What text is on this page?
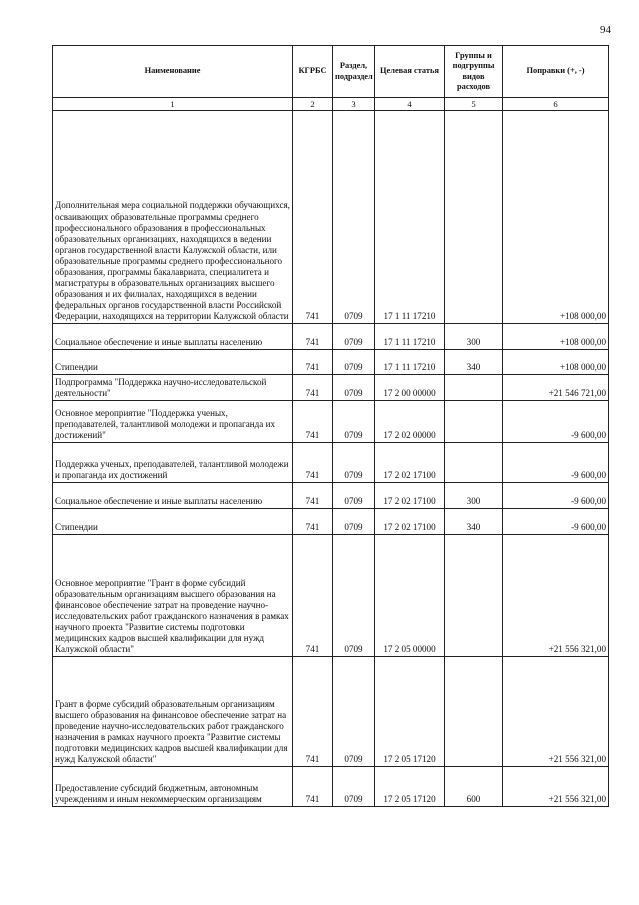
94
Наименование	КГРБС	Раздел, подраздел	Целевая статья	Группы и подгруппы видов расходов	Поправки (+, -)
1	2	3	4	5	6
Дополнительная мера социальной поддержки обучающихся, осваивающих образовательные программы среднего профессионального образования в профессиональных образовательных организациях, находящихся в ведении органов государственной власти Калужской области, или образовательные программы среднего профессионального образования, программы бакалавриата, специалитета и магистратуры в образовательных организациях высшего образования и их филиалах, находящихся в ведении федеральных органов государственной власти Российской Федерации, находящихся на территории Калужской области	741	0709	17 1 11 17210		+108 000,00
Социальное обеспечение и иные выплаты населению	741	0709	17 1 11 17210	300	+108 000,00
Стипендии	741	0709	17 1 11 17210	340	+108 000,00
Подпрограмма "Поддержка научно-исследовательской деятельности"	741	0709	17 2 00 00000		+21 546 721,00
Основное мероприятие "Поддержка ученых, преподавателей, талантливой молодежи и пропаганда их достижений"	741	0709	17 2 02 00000		-9 600,00
Поддержка ученых, преподавателей, талантливой молодежи и пропаганда их достижений	741	0709	17 2 02 17100		-9 600,00
Социальное обеспечение и иные выплаты населению	741	0709	17 2 02 17100	300	-9 600,00
Стипендии	741	0709	17 2 02 17100	340	-9 600,00
Основное мероприятие "Грант в форме субсидий образовательным организациям высшего образования на финансовое обеспечение затрат на проведение научно-исследовательских работ гражданского назначения в рамках научного проекта "Развитие системы подготовки медицинских кадров высшей квалификации для нужд Калужской области"	741	0709	17 2 05 00000		+21 556 321,00
Грант в форме субсидий образовательным организациям высшего образования на финансовое обеспечение затрат на проведение научно-исследовательских работ гражданского назначения в рамках научного проекта "Развитие системы подготовки медицинских кадров высшей квалификации для нужд Калужской области"	741	0709	17 2 05 17120		+21 556 321,00
Предоставление субсидий бюджетным, автономным учреждениям и иным некоммерческим организациям	741	0709	17 2 05 17120	600	+21 556 321,00
